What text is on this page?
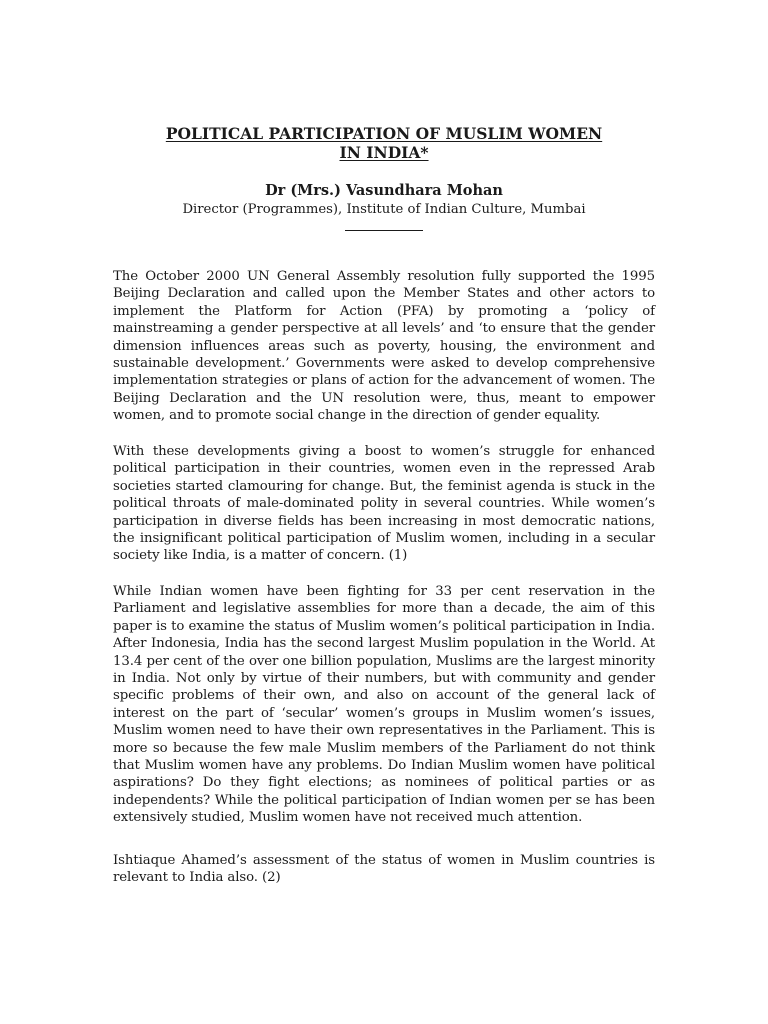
POLITICAL PARTICIPATION OF MUSLIM WOMEN
IN INDIA*
Dr (Mrs.) Vasundhara Mohan
Director (Programmes), Institute of Indian Culture, Mumbai

The October 2000 UN General Assembly resolution fully supported the 1995 Beijing Declaration and called upon the Member States and other actors to implement the Platform for Action (PFA) by promoting a ‘policy of mainstreaming a gender perspective at all levels’ and ‘to ensure that the gender dimension influences areas such as poverty, housing, the environment and sustainable development.’ Governments were asked to develop comprehensive implementation strategies or plans of action for the advancement of women. The Beijing Declaration and the UN resolution were, thus, meant to empower women, and to promote social change in the direction of gender equality.

With these developments giving a boost to women’s struggle for enhanced political participation in their countries, women even in the repressed Arab societies started clamouring for change. But, the feminist agenda is stuck in the political throats of male-dominated polity in several countries. While women’s participation in diverse fields has been increasing in most democratic nations, the insignificant political participation of Muslim women, including in a secular society like India, is a matter of concern. (1)

While Indian women have been fighting for 33 per cent reservation in the Parliament and legislative assemblies for more than a decade, the aim of this paper is to examine the status of Muslim women’s political participation in India. After Indonesia, India has the second largest Muslim population in the World. At 13.4 per cent of the over one billion population, Muslims are the largest minority in India. Not only by virtue of their numbers, but with community and gender specific problems of their own, and also on account of the general lack of interest on the part of ‘secular’ women’s groups in Muslim women’s issues, Muslim women need to have their own representatives in the Parliament. This is more so because the few male Muslim members of the Parliament do not think that Muslim women have any problems. Do Indian Muslim women have political aspirations? Do they fight elections; as nominees of political parties or as independents? While the political participation of Indian women per se has been extensively studied, Muslim women have not received much attention.

Ishtiaque Ahamed’s assessment of the status of women in Muslim countries is relevant to India also. (2)
